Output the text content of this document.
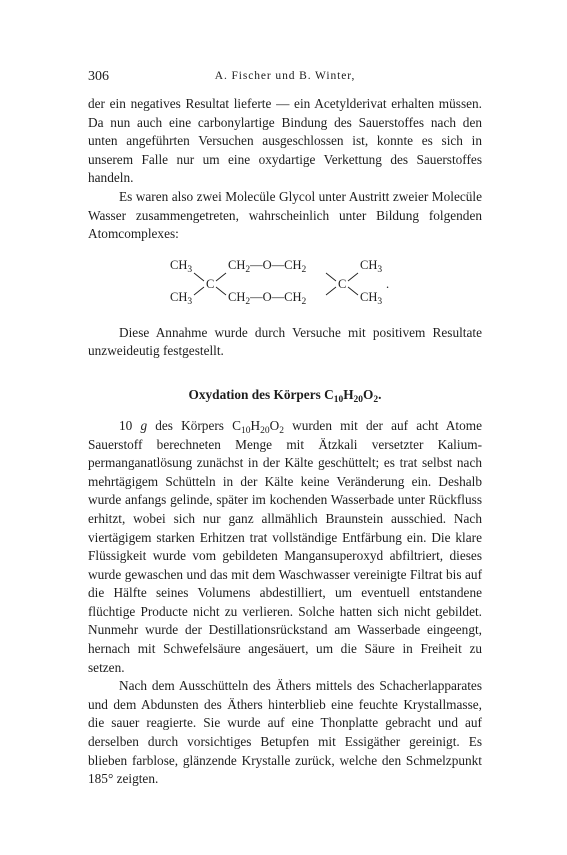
306	A. Fischer und B. Winter,

der ein negatives Resultat lieferte — ein Acetylderivat erhalten müssen. Da nun auch eine carbonylartige Bindung des Sauerstoffes nach den unten angeführten Versuchen ausgeschlossen ist, konnte es sich in unserem Falle nur um eine oxydartige Verkettung des Sauerstoffes handeln.

Es waren also zwei Molecüle Glycol unter Austritt zweier Molecüle Wasser zusammengetreten, wahrscheinlich unter Bildung folgenden Atomcomplexes:

$CH_3$
$CH_3$
C
$CH_2—O—CH_2$
$CH_2—O—CH_2$
C
$CH_3$
$CH_3$
.

Diese Annahme wurde durch Versuche mit positivem Resultate unzweideutig festgestellt.

Oxydation des Körpers $C_{10}H_{20}O_2$.

10 g des Körpers $C_{10}H_{20}O_2$ wurden mit der auf acht Atome Sauerstoff berechneten Menge mit Ätzkali versetzter Kaliumpermanganatlösung zunächst in der Kälte geschüttelt; es trat selbst nach mehrtägigem Schütteln in der Kälte keine Veränderung ein. Deshalb wurde anfangs gelinde, später im kochenden Wasserbade unter Rückfluss erhitzt, wobei sich nur ganz allmählich Braunstein ausschied. Nach viertägigem starken Erhitzen trat vollständige Entfärbung ein. Die klare Flüssigkeit wurde vom gebildeten Mangansuperoxyd abfiltriert, dieses wurde gewaschen und das mit dem Waschwasser vereinigte Filtrat bis auf die Hälfte seines Volumens abdestilliert, um eventuell entstandene flüchtige Producte nicht zu verlieren. Solche hatten sich nicht gebildet. Nunmehr wurde der Destillationsrückstand am Wasserbade eingeengt, hernach mit Schwefelsäure angesäuert, um die Säure in Freiheit zu setzen.

Nach dem Ausschütteln des Äthers mittels des Schacherlapparates und dem Abdunsten des Äthers hinterblieb eine feuchte Krystallmasse, die sauer reagierte. Sie wurde auf eine Thonplatte gebracht und auf derselben durch vorsichtiges Betupfen mit Essigäther gereinigt. Es blieben farblose, glänzende Krystalle zurück, welche den Schmelzpunkt 185° zeigten.
